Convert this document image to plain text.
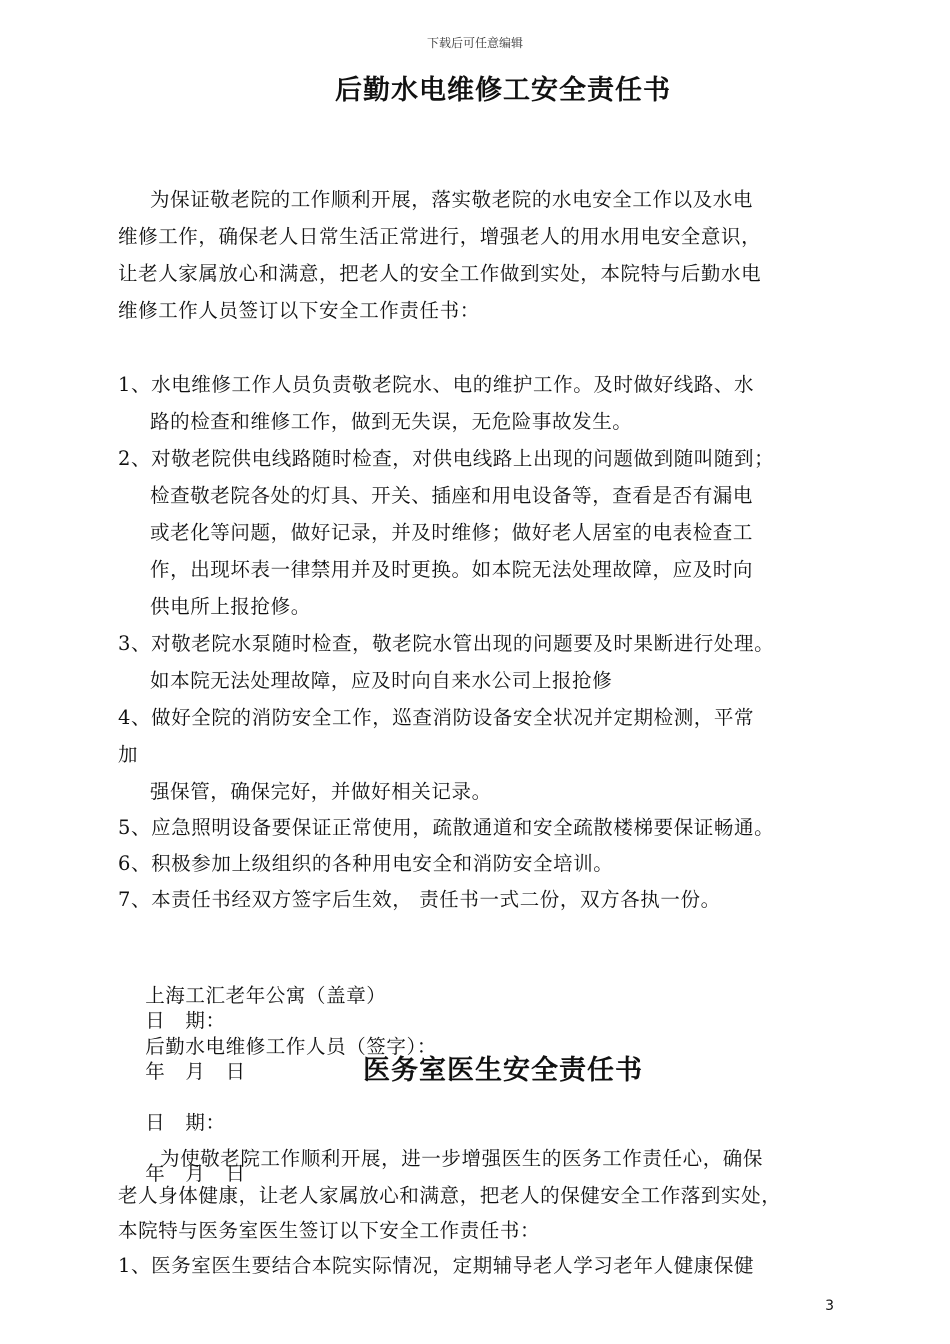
下载后可任意编辑
后勤水电维修工安全责任书
为保证敬老院的工作顺利开展，落实敬老院的水电安全工作以及水电
维修工作，确保老人日常生活正常进行，增强老人的用水用电安全意识，
让老人家属放心和满意，把老人的安全工作做到实处，本院特与后勤水电
维修工作人员签订以下安全工作责任书：
1、水电维修工作人员负责敬老院水、电的维护工作。及时做好线路、水
路的检查和维修工作，做到无失误，无危险事故发生。
2、对敬老院供电线路随时检查，对供电线路上出现的问题做到随叫随到；
检查敬老院各处的灯具、开关、插座和用电设备等，查看是否有漏电
或老化等问题，做好记录，并及时维修；做好老人居室的电表检查工
作，出现坏表一律禁用并及时更换。如本院无法处理故障，应及时向
供电所上报抢修。
3、对敬老院水泵随时检查，敬老院水管出现的问题要及时果断进行处理。
如本院无法处理故障，应及时向自来水公司上报抢修
4、做好全院的消防安全工作，巡查消防设备安全状况并定期检测，平常
加
强保管，确保完好，并做好相关记录。
5、应急照明设备要保证正常使用，疏散通道和安全疏散楼梯要保证畅通。
6、积极参加上级组织的各种用电安全和消防安全培训。
7、本责任书经双方签字后生效， 责任书一式二份，双方各执一份。

上海工汇老年公寓（盖章）

后勤水电维修工作人员（签字）：

日　期：

年　月　日

日　期：

年　月　日

医务室医生安全责任书
为使敬老院工作顺利开展，进一步增强医生的医务工作责任心，确保
老人身体健康，让老人家属放心和满意，把老人的保健安全工作落到实处，
本院特与医务室医生签订以下安全工作责任书：
1、医务室医生要结合本院实际情况，定期辅导老人学习老年人健康保健
3
